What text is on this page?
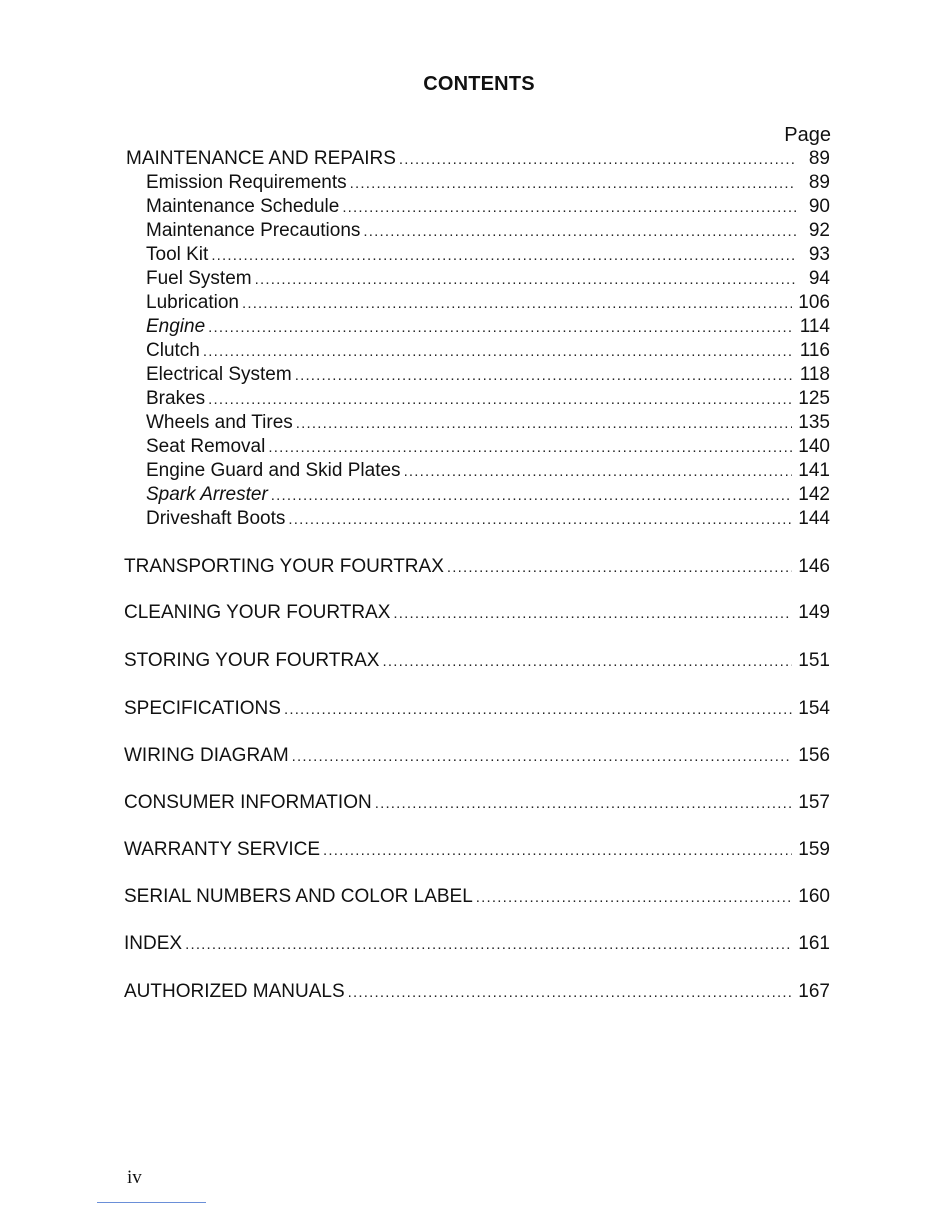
CONTENTS
Page
MAINTENANCE AND REPAIRS .....	89
Emission Requirements .....	89
Maintenance Schedule .....	90
Maintenance Precautions .....	92
Tool Kit .....	93
Fuel System .....	94
Lubrication .....	106
Engine .....	114
Clutch .....	116
Electrical System .....	118
Brakes .....	125
Wheels and Tires .....	135
Seat Removal .....	140
Engine Guard and Skid Plates .....	141
Spark Arrester .....	142
Driveshaft Boots .....	144
TRANSPORTING YOUR FOURTRAX .....	146
CLEANING YOUR FOURTRAX .....	149
STORING YOUR FOURTRAX .....	151
SPECIFICATIONS .....	154
WIRING DIAGRAM .....	156
CONSUMER INFORMATION .....	157
WARRANTY SERVICE .....	159
SERIAL NUMBERS AND COLOR LABEL .....	160
INDEX .....	161
AUTHORIZED MANUALS .....	167
iv
